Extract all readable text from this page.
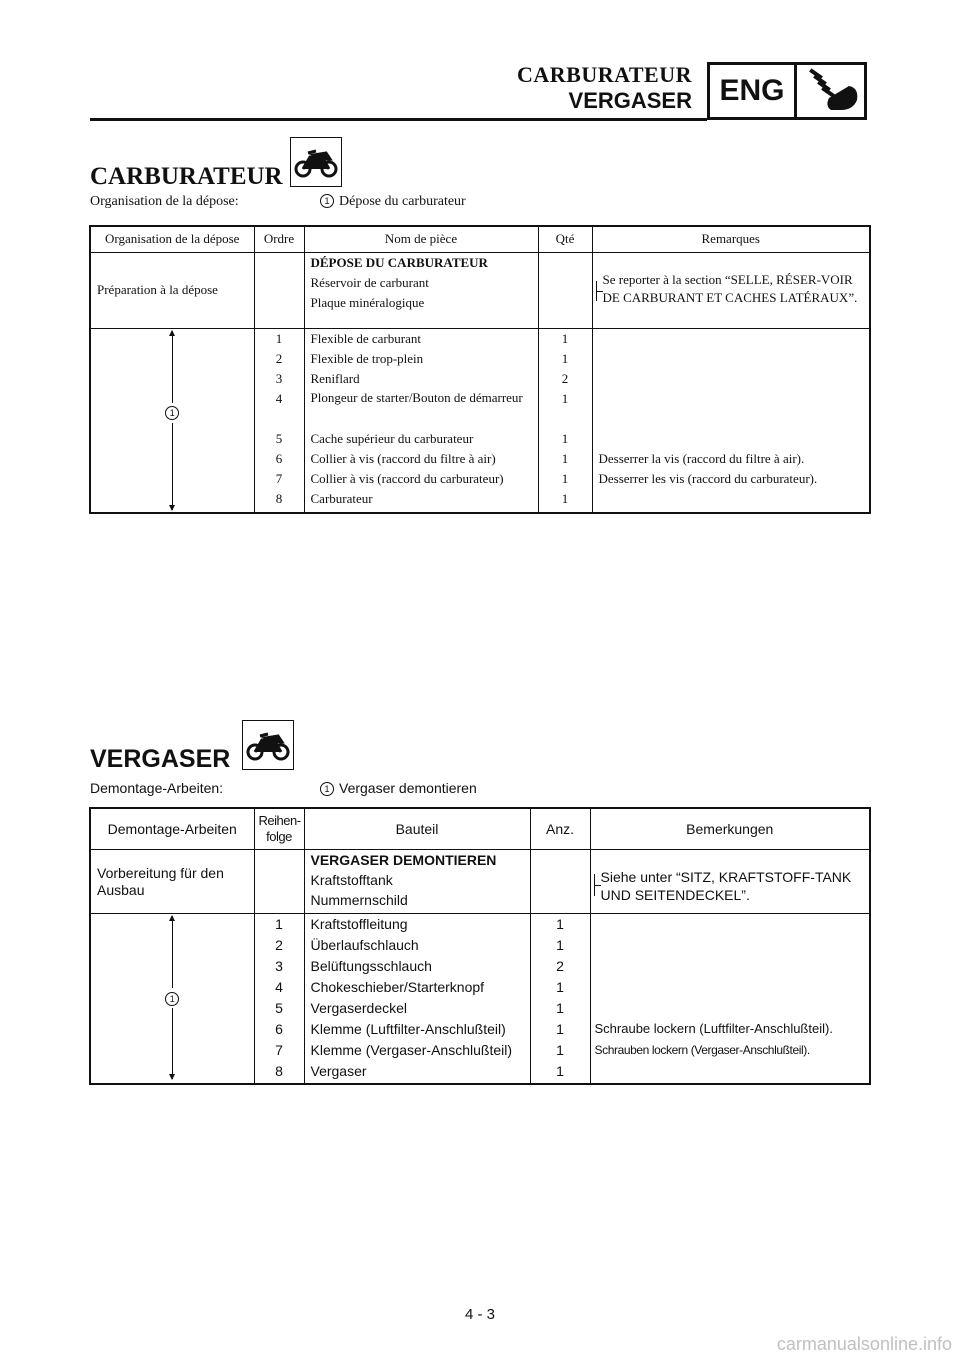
CARBURATEUR
VERGASER ENG
CARBURATEUR
Organisation de la dépose:	1 Dépose du carburateur
Organisation de la dépose	Ordre	Nom de pièce	Qté	Remarques
Préparation à la dépose		DÉPOSE DU CARBURATEUR
Réservoir de carburant
Plaque minéralogique		Se reporter à la section “SELLE, RÉSER-VOIR DE CARBURANT ET CACHES LATÉRAUX”.

1	1	Flexible de carburant	1	
	2	Flexible de trop-plein	1	
	3	Reniflard	2	
	4	Plongeur de starter/Bouton de démarreur	1	
	5	Cache supérieur du carburateur	1	
	6	Collier à vis (raccord du filtre à air)	1	Desserrer la vis (raccord du filtre à air).
	7	Collier à vis (raccord du carburateur)	1	Desserrer les vis (raccord du carburateur).
	8	Carburateur	1	
VERGASER
Demontage-Arbeiten:	1 Vergaser demontieren
Demontage-Arbeiten	Reihen-folge	Bauteil	Anz.	Bemerkungen
Vorbereitung für den Ausbau		VERGASER DEMONTIEREN
Kraftstofftank
Nummernschild		Siehe unter “SITZ, KRAFTSTOFF-TANK UND SEITENDECKEL”.

1	1	Kraftstoffleitung	1	
	2	Überlaufschlauch	1	
	3	Belüftungsschlauch	2	
	4	Chokeschieber/Starterknopf	1	
	5	Vergaserdeckel	1	
	6	Klemme (Luftfilter-Anschlußteil)	1	Schraube lockern (Luftfilter-Anschlußteil).
	7	Klemme (Vergaser-Anschlußteil)	1	Schrauben lockern (Vergaser-Anschlußteil).
	8	Vergaser	1	
4 - 3
carmanualsonline.info
